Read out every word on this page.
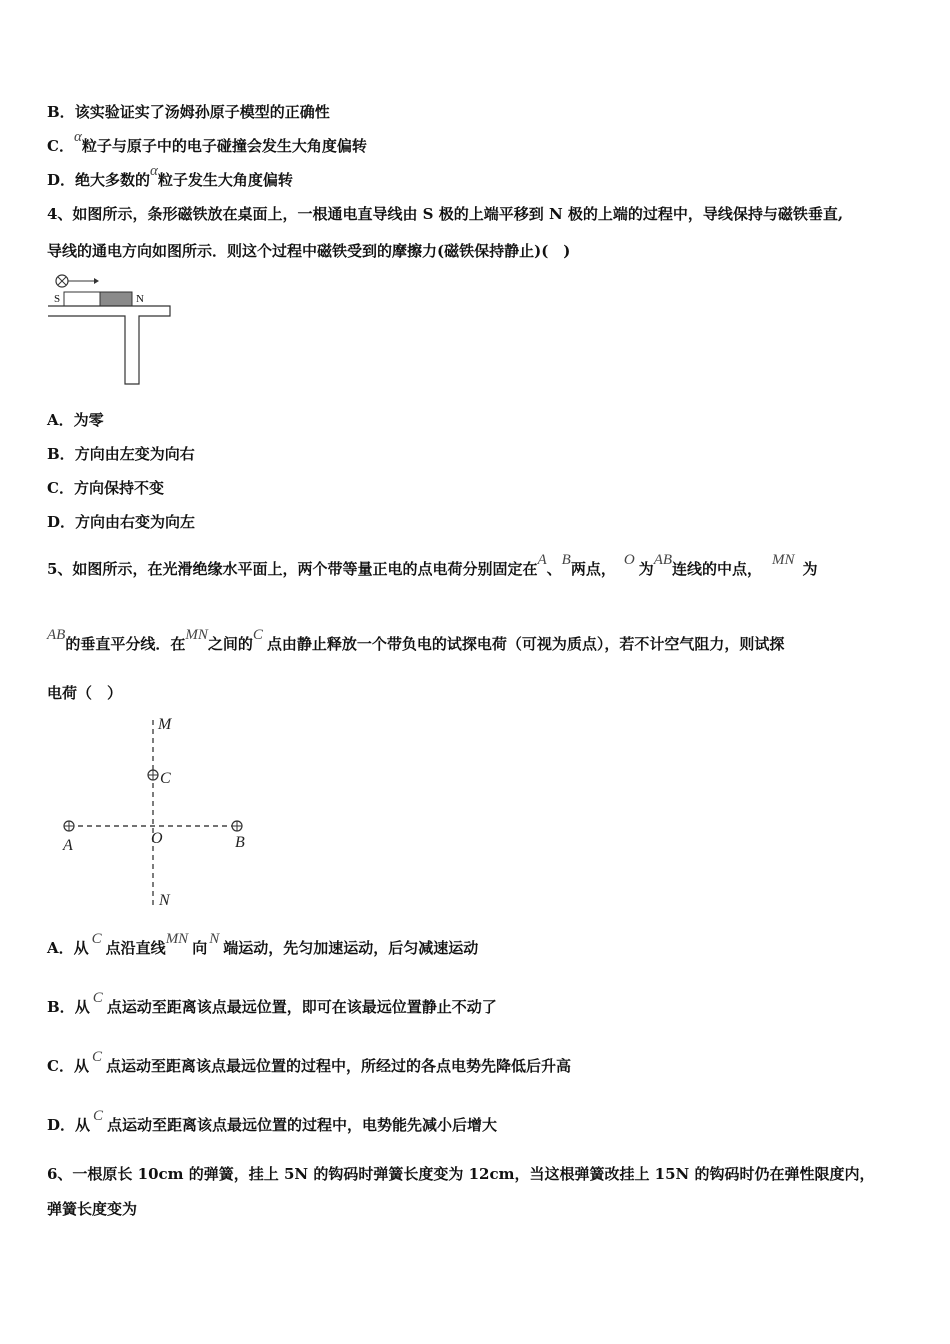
B．该实验证实了汤姆孙原子模型的正确性
C．α粒子与原子中的电子碰撞会发生大角度偏转
D．绝大多数的α粒子发生大角度偏转
4、如图所示，条形磁铁放在桌面上，一根通电直导线由 S 极的上端平移到 N 极的上端的过程中，导线保持与磁铁垂直,
导线的通电方向如图所示．则这个过程中磁铁受到的摩擦力(磁铁保持静止)(　)
S	N
A．为零
B．方向由左变为向右
C．方向保持不变
D．方向由右变为向左
5、如图所示，在光滑绝缘水平面上，两个带等量正电的点电荷分别固定在A、B两点， O 为AB连线的中点， MN 为
AB的垂直平分线．在MN之间的C 点由静止释放一个带负电的试探电荷（可视为质点），若不计空气阻力，则试探
电荷（　）
M
C
O
A	B
N
A．从 C 点沿直线MN 向 N 端运动，先匀加速运动，后匀减速运动
B．从 C 点运动至距离该点最远位置，即可在该最远位置静止不动了
C．从 C 点运动至距离该点最远位置的过程中，所经过的各点电势先降低后升高
D．从 C 点运动至距离该点最远位置的过程中，电势能先减小后增大
6、一根原长 10cm 的弹簧，挂上 5N 的钩码时弹簧长度变为 12cm，当这根弹簧改挂上 15N 的钩码时仍在弹性限度内，
弹簧长度变为
